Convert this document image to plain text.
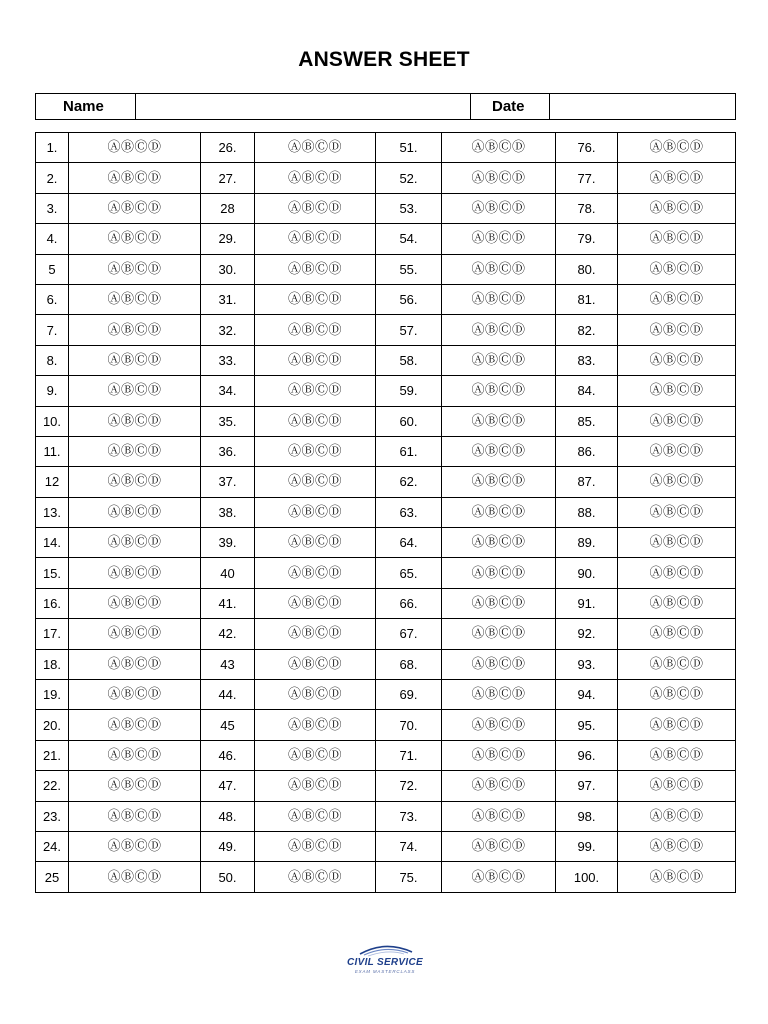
ANSWER SHEET
Name		Date	
1.	ⒶⒷⒸⒹ	26.	ⒶⒷⒸⒹ	51.	ⒶⒷⒸⒹ	76.	ⒶⒷⒸⒹ
2.	ⒶⒷⒸⒹ	27.	ⒶⒷⒸⒹ	52.	ⒶⒷⒸⒹ	77.	ⒶⒷⒸⒹ
3.	ⒶⒷⒸⒹ	28	ⒶⒷⒸⒹ	53.	ⒶⒷⒸⒹ	78.	ⒶⒷⒸⒹ
4.	ⒶⒷⒸⒹ	29.	ⒶⒷⒸⒹ	54.	ⒶⒷⒸⒹ	79.	ⒶⒷⒸⒹ
5	ⒶⒷⒸⒹ	30.	ⒶⒷⒸⒹ	55.	ⒶⒷⒸⒹ	80.	ⒶⒷⒸⒹ
6.	ⒶⒷⒸⒹ	31.	ⒶⒷⒸⒹ	56.	ⒶⒷⒸⒹ	81.	ⒶⒷⒸⒹ
7.	ⒶⒷⒸⒹ	32.	ⒶⒷⒸⒹ	57.	ⒶⒷⒸⒹ	82.	ⒶⒷⒸⒹ
8.	ⒶⒷⒸⒹ	33.	ⒶⒷⒸⒹ	58.	ⒶⒷⒸⒹ	83.	ⒶⒷⒸⒹ
9.	ⒶⒷⒸⒹ	34.	ⒶⒷⒸⒹ	59.	ⒶⒷⒸⒹ	84.	ⒶⒷⒸⒹ
10.	ⒶⒷⒸⒹ	35.	ⒶⒷⒸⒹ	60.	ⒶⒷⒸⒹ	85.	ⒶⒷⒸⒹ
11.	ⒶⒷⒸⒹ	36.	ⒶⒷⒸⒹ	61.	ⒶⒷⒸⒹ	86.	ⒶⒷⒸⒹ
12	ⒶⒷⒸⒹ	37.	ⒶⒷⒸⒹ	62.	ⒶⒷⒸⒹ	87.	ⒶⒷⒸⒹ
13.	ⒶⒷⒸⒹ	38.	ⒶⒷⒸⒹ	63.	ⒶⒷⒸⒹ	88.	ⒶⒷⒸⒹ
14.	ⒶⒷⒸⒹ	39.	ⒶⒷⒸⒹ	64.	ⒶⒷⒸⒹ	89.	ⒶⒷⒸⒹ
15.	ⒶⒷⒸⒹ	40	ⒶⒷⒸⒹ	65.	ⒶⒷⒸⒹ	90.	ⒶⒷⒸⒹ
16.	ⒶⒷⒸⒹ	41.	ⒶⒷⒸⒹ	66.	ⒶⒷⒸⒹ	91.	ⒶⒷⒸⒹ
17.	ⒶⒷⒸⒹ	42.	ⒶⒷⒸⒹ	67.	ⒶⒷⒸⒹ	92.	ⒶⒷⒸⒹ
18.	ⒶⒷⒸⒹ	43	ⒶⒷⒸⒹ	68.	ⒶⒷⒸⒹ	93.	ⒶⒷⒸⒹ
19.	ⒶⒷⒸⒹ	44.	ⒶⒷⒸⒹ	69.	ⒶⒷⒸⒹ	94.	ⒶⒷⒸⒹ
20.	ⒶⒷⒸⒹ	45	ⒶⒷⒸⒹ	70.	ⒶⒷⒸⒹ	95.	ⒶⒷⒸⒹ
21.	ⒶⒷⒸⒹ	46.	ⒶⒷⒸⒹ	71.	ⒶⒷⒸⒹ	96.	ⒶⒷⒸⒹ
22.	ⒶⒷⒸⒹ	47.	ⒶⒷⒸⒹ	72.	ⒶⒷⒸⒹ	97.	ⒶⒷⒸⒹ
23.	ⒶⒷⒸⒹ	48.	ⒶⒷⒸⒹ	73.	ⒶⒷⒸⒹ	98.	ⒶⒷⒸⒹ
24.	ⒶⒷⒸⒹ	49.	ⒶⒷⒸⒹ	74.	ⒶⒷⒸⒹ	99.	ⒶⒷⒸⒹ
25	ⒶⒷⒸⒹ	50.	ⒶⒷⒸⒹ	75.	ⒶⒷⒸⒹ	100.	ⒶⒷⒸⒹ
CIVIL SERVICE
EXAM MASTERCLASS
